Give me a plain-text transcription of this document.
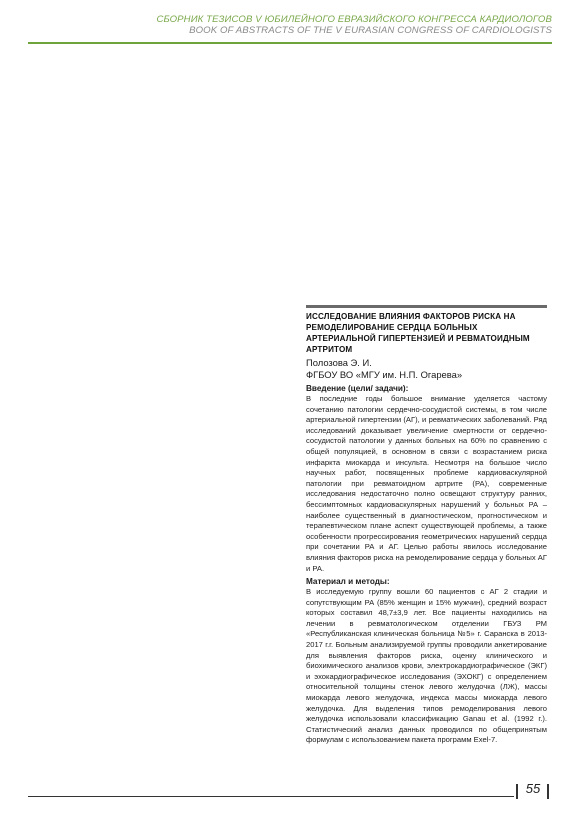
СБОРНИК ТЕЗИСОВ V ЮБИЛЕЙНОГО ЕВРАЗИЙСКОГО КОНГРЕССА КАРДИОЛОГОВ
BOOK OF ABSTRACTS OF THE V EURASIAN CONGRESS OF CARDIOLOGISTS
ИССЛЕДОВАНИЕ ВЛИЯНИЯ ФАКТОРОВ РИСКА НА РЕМОДЕЛИРОВАНИЕ СЕРДЦА БОЛЬНЫХ АРТЕРИАЛЬНОЙ ГИПЕРТЕНЗИЕЙ И РЕВМАТОИДНЫМ АРТРИТОМ
Полозова Э. И.
ФГБОУ ВО «МГУ им. Н.П. Огарева»
Введение (цели/ задачи):
В последние годы большое внимание уделяется частому сочетанию патологии сердечно-сосудистой системы, в том числе артериальной гипертензии (АГ), и ревматических заболеваний. Ряд исследований доказывает увеличение смертности от сердечно-сосудистой патологии у данных больных на 60% по сравнению с общей популяцией, в основном в связи с возрастанием риска инфаркта миокарда и инсульта. Несмотря на большое число научных работ, посвященных проблеме кардиоваскулярной патологии при ревматоидном артрите (РА), современные исследования недостаточно полно освещают структуру ранних, бессимптомных кардиоваскулярных нарушений у больных РА – наиболее существенный в диагностическом, прогностическом и терапевтическом плане аспект существующей проблемы, а также особенности прогрессирования геометрических нарушений сердца при сочетании РА и АГ. Целью работы явилось исследование влияния факторов риска на ремоделирование сердца у больных АГ и РА.
Материал и методы:
В исследуемую группу вошли 60 пациентов с АГ 2 стадии и сопутствующим РА (85% женщин и 15% мужчин), средний возраст которых составил 48,7±3,9 лет. Все пациенты находились на лечении в ревматологическом отделении ГБУЗ РМ «Республиканская клиническая больница №5» г. Саранска в 2013-2017 г.г. Больным анализируемой группы проводили анкетирование для выявления факторов риска, оценку клинического и биохимического анализов крови, электрокардиографическое (ЭКГ) и эхокардиографическое исследования (ЭХОКГ) с определением относительной толщины стенок левого желудочка (ЛЖ), массы миокарда левого желудочка, индекса массы миокарда левого желудочка. Для выделения типов ремоделирования левого желудочка использовали классификацию Ganau et al. (1992 г.). Статистический анализ данных проводился по общепринятым формулам с использованием пакета программ Exel-7.
55
